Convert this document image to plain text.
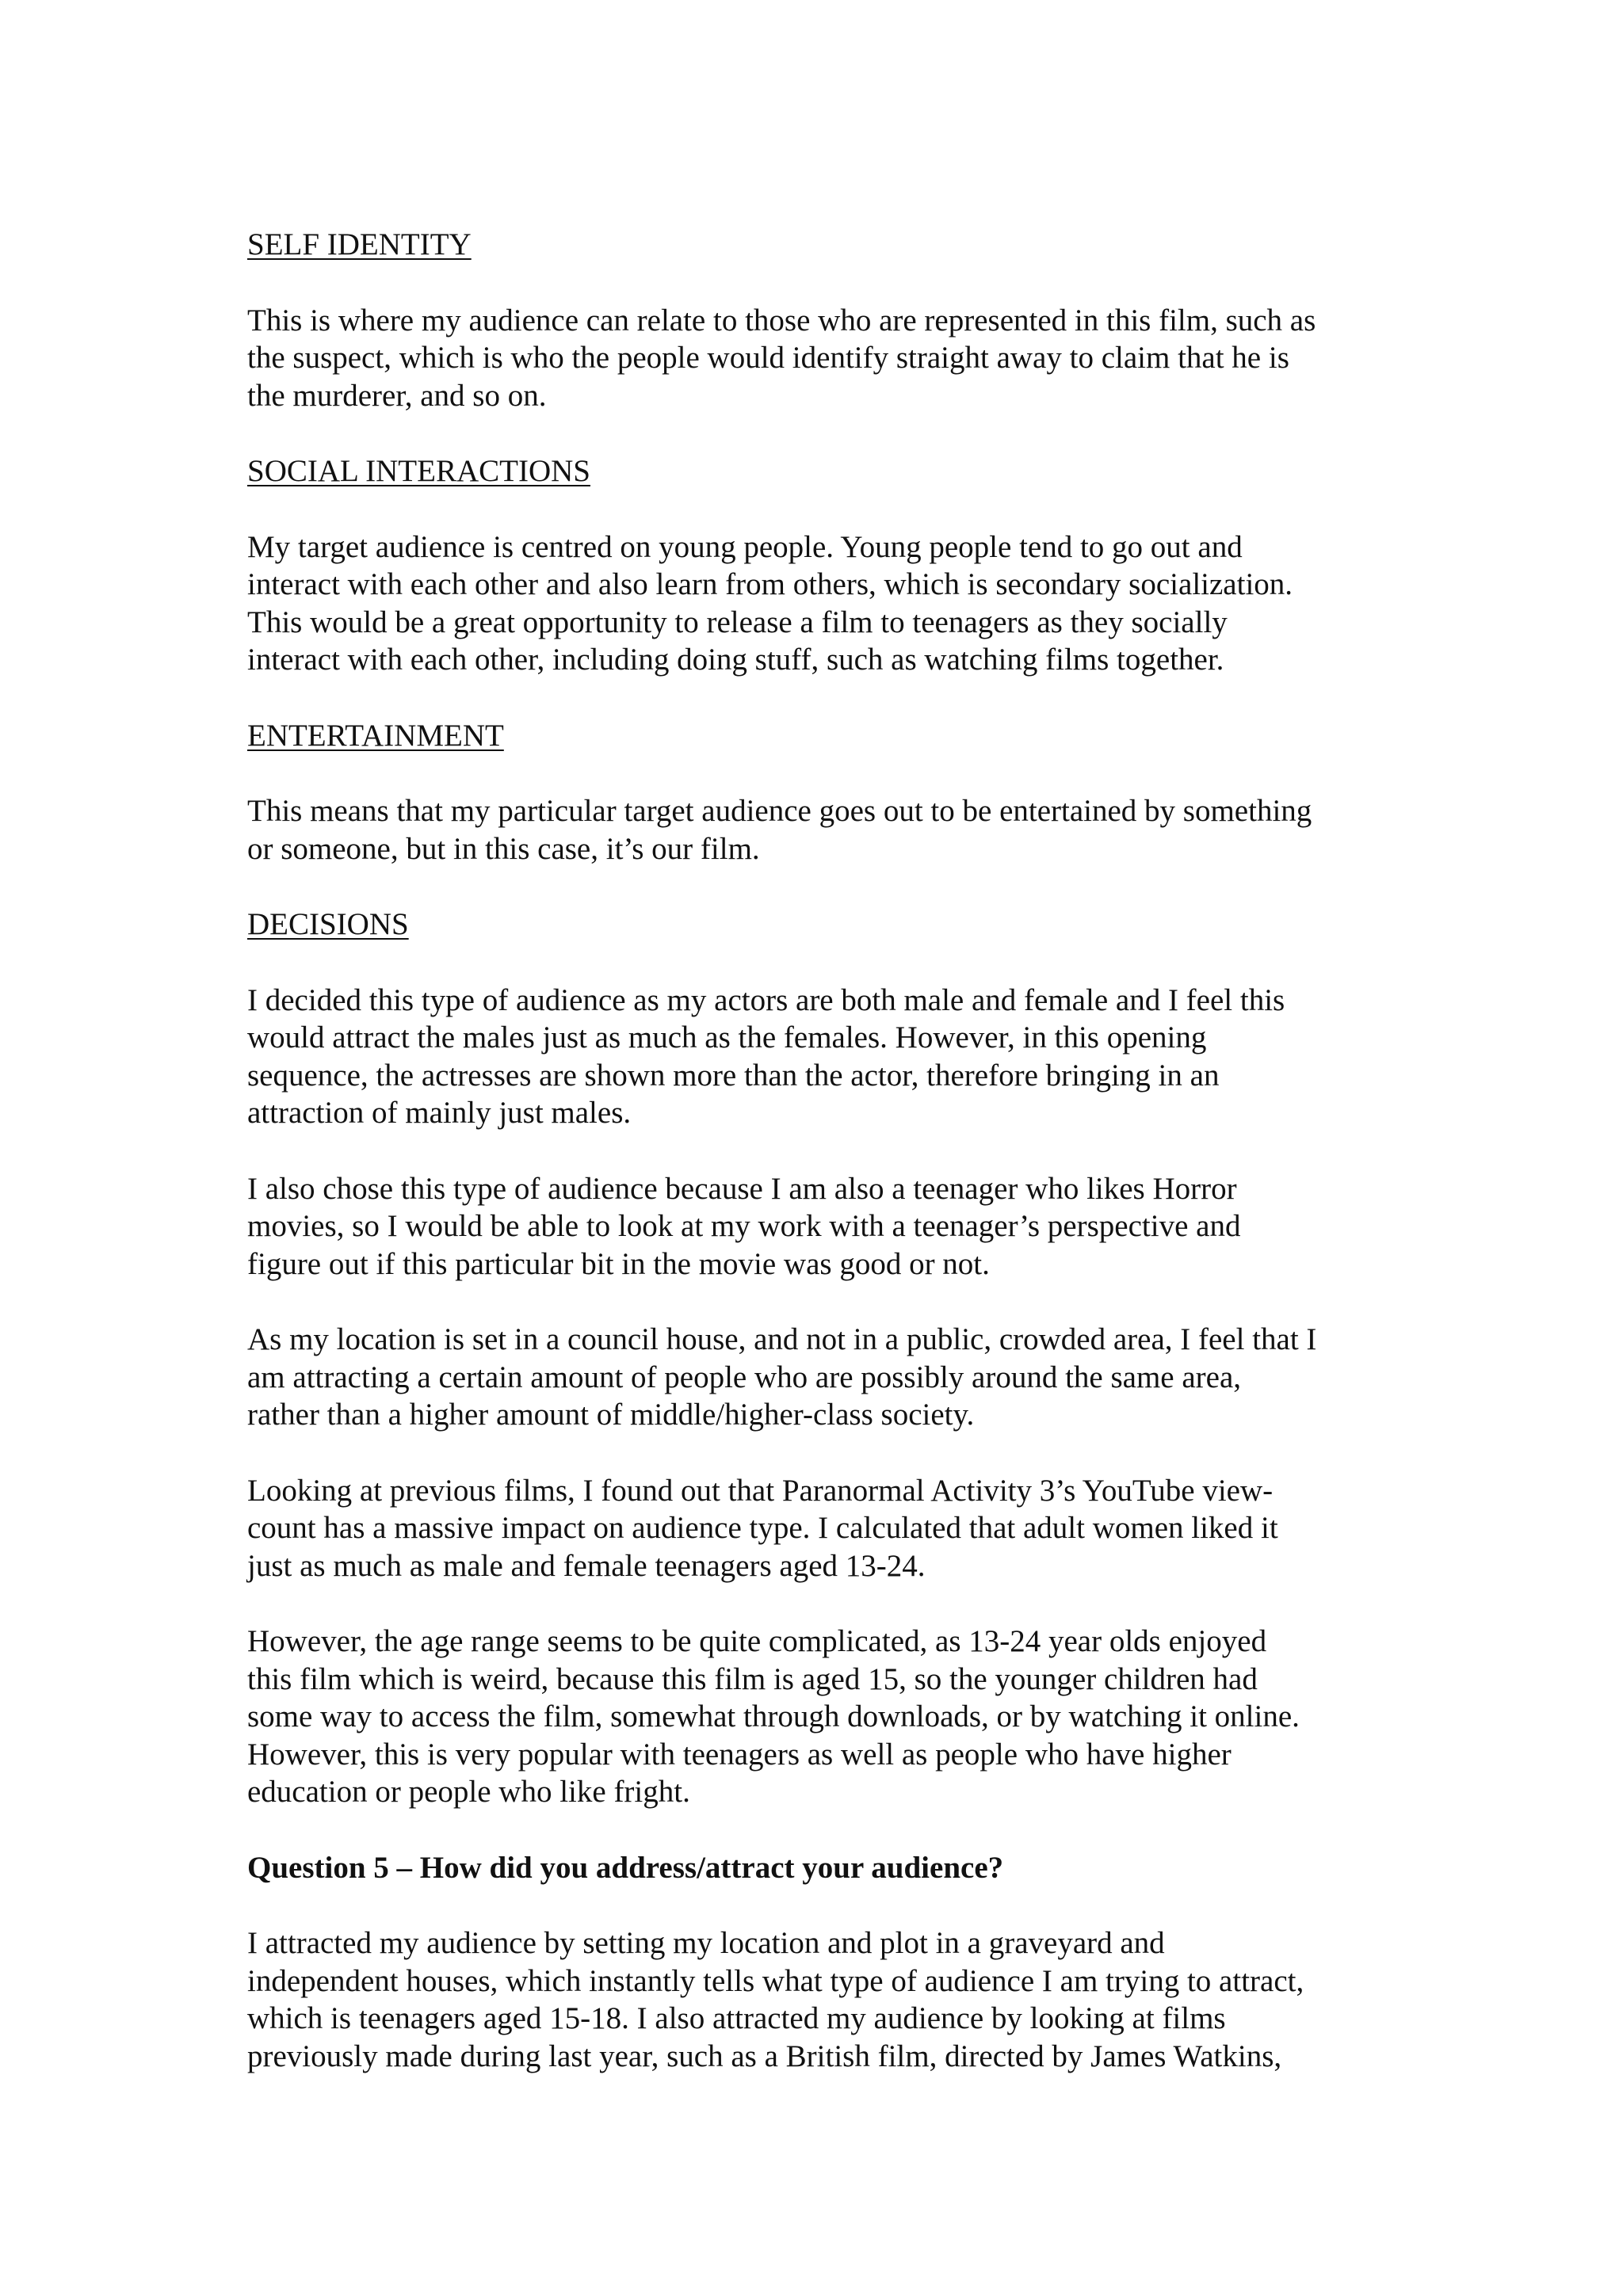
SELF IDENTITY
This is where my audience can relate to those who are represented in this film, such as
the suspect, which is who the people would identify straight away to claim that he is
the murderer, and so on.
SOCIAL INTERACTIONS
My target audience is centred on young people. Young people tend to go out and
interact with each other and also learn from others, which is secondary socialization.
This would be a great opportunity to release a film to teenagers as they socially
interact with each other, including doing stuff, such as watching films together.
ENTERTAINMENT
This means that my particular target audience goes out to be entertained by something
or someone, but in this case, it’s our film.
DECISIONS
I decided this type of audience as my actors are both male and female and I feel this
would attract the males just as much as the females. However, in this opening
sequence, the actresses are shown more than the actor, therefore bringing in an
attraction of mainly just males.
I also chose this type of audience because I am also a teenager who likes Horror
movies, so I would be able to look at my work with a teenager’s perspective and
figure out if this particular bit in the movie was good or not.
As my location is set in a council house, and not in a public, crowded area, I feel that I
am attracting a certain amount of people who are possibly around the same area,
rather than a higher amount of middle/higher-class society.
Looking at previous films, I found out that Paranormal Activity 3’s YouTube view-
count has a massive impact on audience type. I calculated that adult women liked it
just as much as male and female teenagers aged 13-24.
However, the age range seems to be quite complicated, as 13-24 year olds enjoyed
this film which is weird, because this film is aged 15, so the younger children had
some way to access the film, somewhat through downloads, or by watching it online.
However, this is very popular with teenagers as well as people who have higher
education or people who like fright.
Question 5 – How did you address/attract your audience?
I attracted my audience by setting my location and plot in a graveyard and
independent houses, which instantly tells what type of audience I am trying to attract,
which is teenagers aged 15-18. I also attracted my audience by looking at films
previously made during last year, such as a British film, directed by James Watkins,
